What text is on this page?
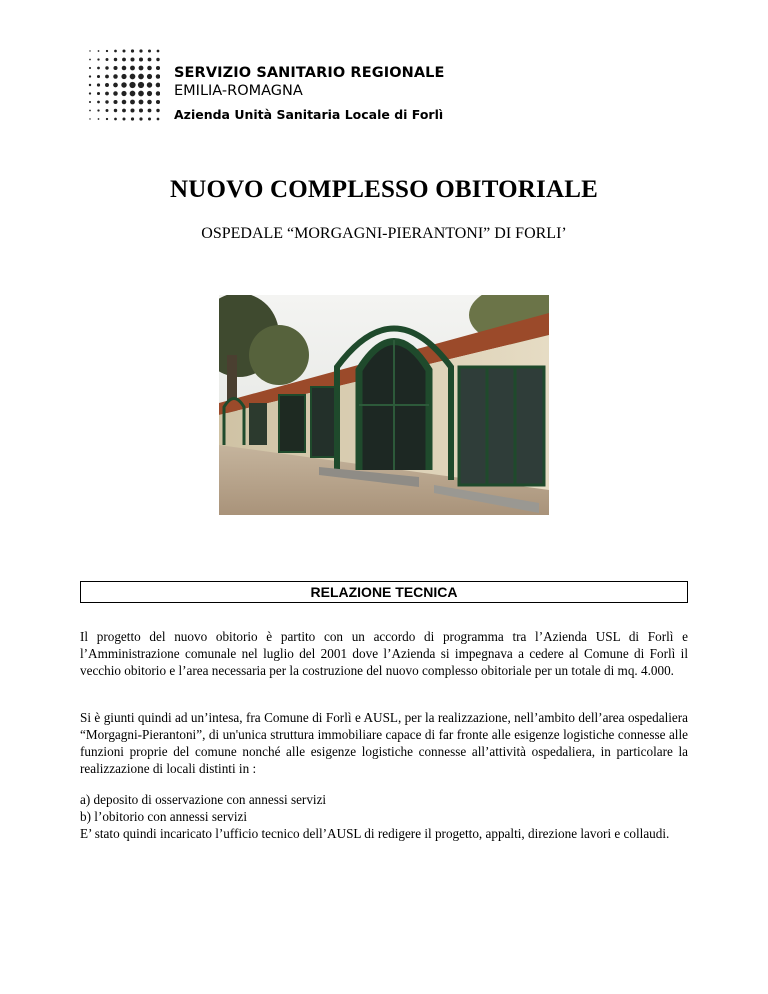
SERVIZIO SANITARIO REGIONALE
EMILIA-ROMAGNA
Azienda Unità Sanitaria Locale di Forlì
NUOVO COMPLESSO OBITORIALE
OSPEDALE “MORGAGNI-PIERANTONI” DI FORLI’
RELAZIONE TECNICA
Il progetto del nuovo obitorio è partito con un accordo di programma tra l’Azienda USL di Forlì e l’Amministrazione comunale nel luglio del 2001 dove l’Azienda si impegnava a cedere al Comune di Forlì il vecchio obitorio e l’area necessaria per la costruzione del nuovo complesso obitoriale per un totale di mq. 4.000.
Si è giunti quindi ad un’intesa, fra Comune di Forlì e AUSL, per la realizzazione, nell’ambito dell’area ospedaliera “Morgagni-Pierantoni”, di un'unica struttura immobiliare capace di far fronte alle esigenze logistiche connesse alle funzioni proprie del comune nonché alle esigenze logistiche connesse all’attività ospedaliera, in particolare la realizzazione di locali distinti in :
a) deposito di osservazione con annessi servizi
b) l’obitorio con annessi servizi
E’ stato quindi incaricato l’ufficio tecnico dell’AUSL di redigere il progetto, appalti, direzione lavori e collaudi.
